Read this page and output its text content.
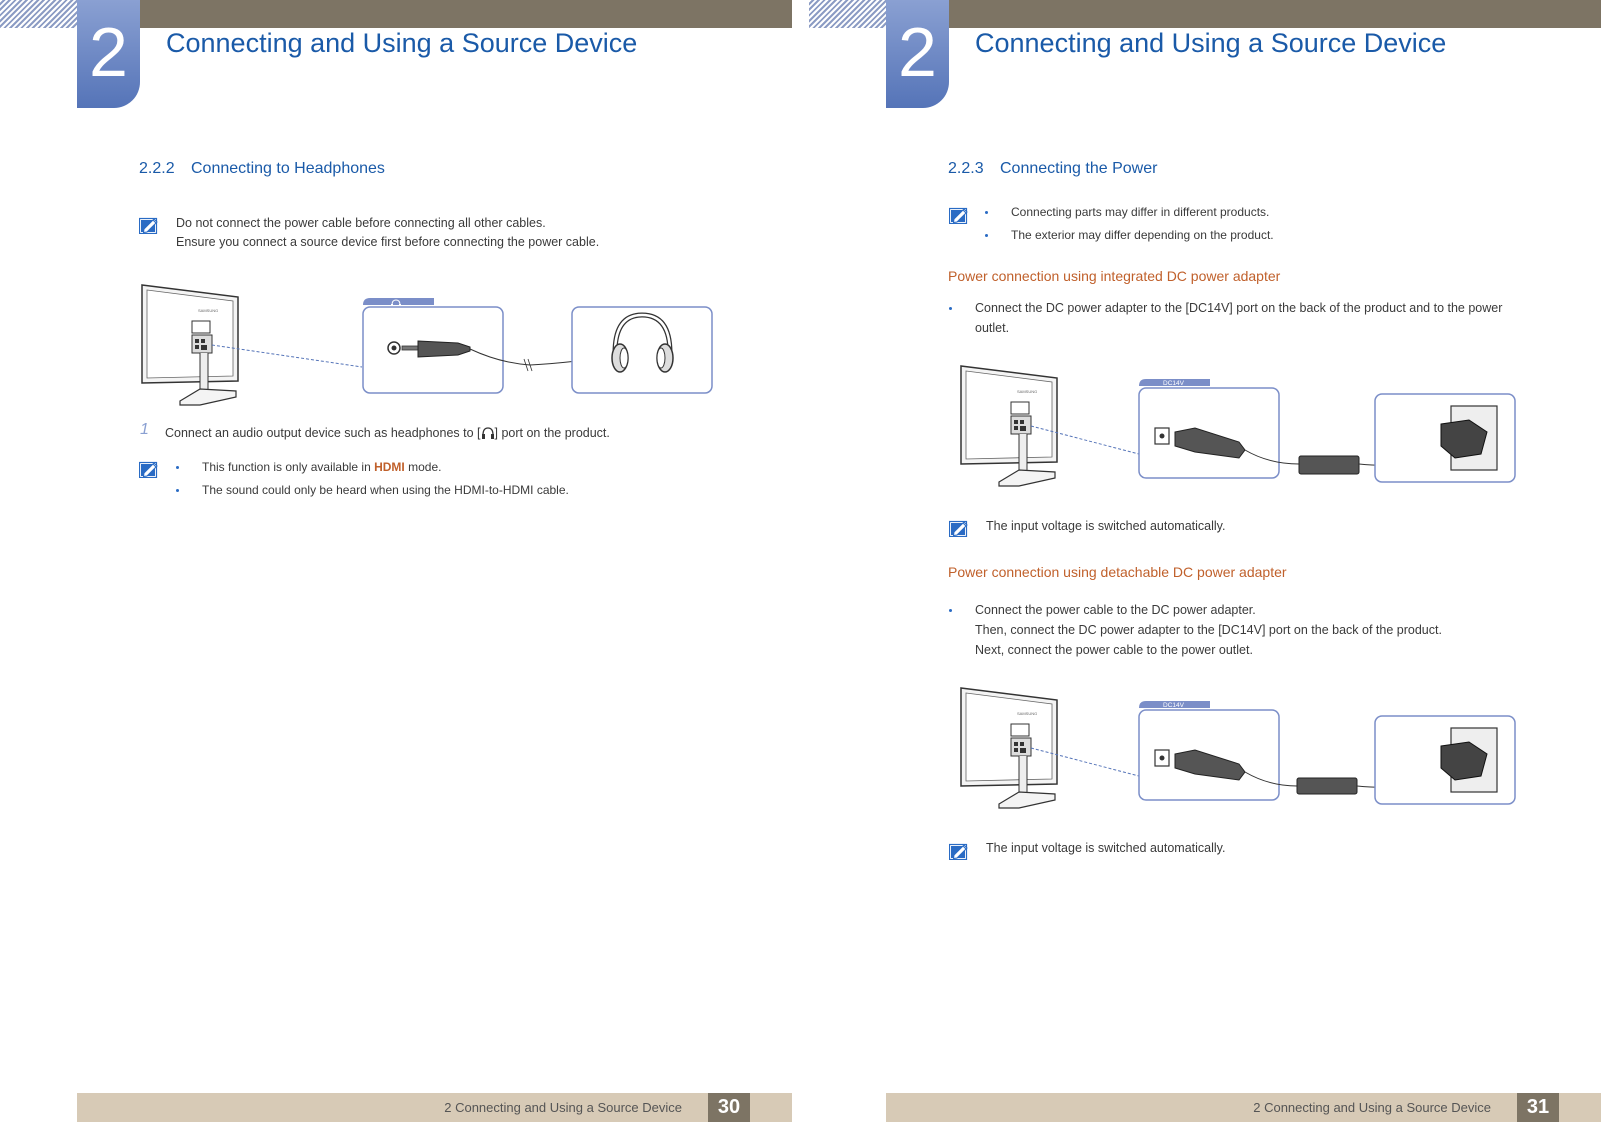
2	Connecting and Using a Source Device
2.2.2 Connecting to Headphones
Do not connect the power cable before connecting all other cables.
Ensure you connect a source device first before connecting the power cable.
SAMSUNG
1 Connect an audio output device such as headphones to [ ] port on the product.
This function is only available in HDMI mode.
The sound could only be heard when using the HDMI-to-HDMI cable.
2 Connecting and Using a Source Device	30
2	Connecting and Using a Source Device
2.2.3 Connecting the Power
Connecting parts may differ in different products.
The exterior may differ depending on the product.
Power connection using integrated DC power adapter
Connect the DC power adapter to the [DC14V] port on the back of the product and to the power
outlet.
SAMSUNG
DC14V
The input voltage is switched automatically.
Power connection using detachable DC power adapter
Connect the power cable to the DC power adapter.
Then, connect the DC power adapter to the [DC14V] port on the back of the product.
Next, connect the power cable to the power outlet.
SAMSUNG
DC14V
The input voltage is switched automatically.
2 Connecting and Using a Source Device	31
